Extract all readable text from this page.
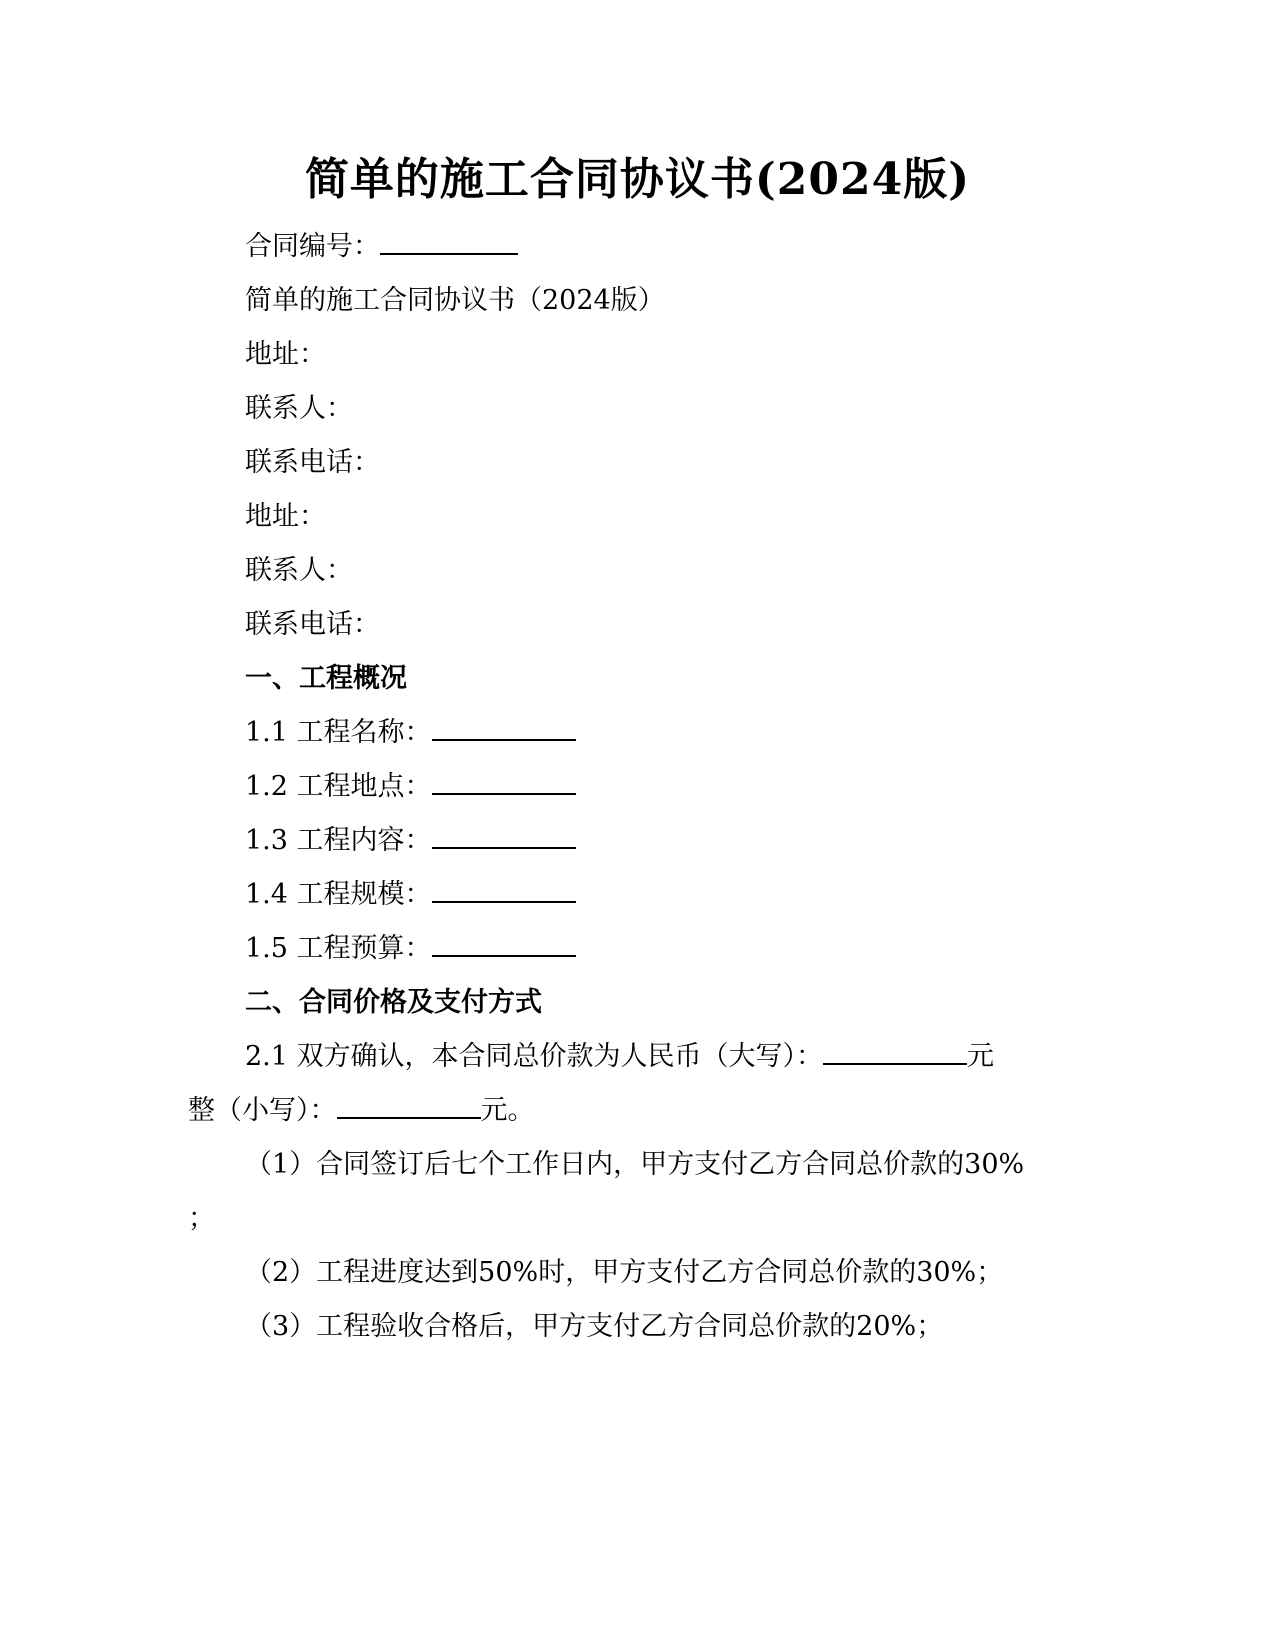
简单的施工合同协议书(2024版)
合同编号：
简单的施工合同协议书（2024版）
地址：
联系人：
联系电话：
地址：
联系人：
联系电话：
一、工程概况
1.1 工程名称：
1.2 工程地点：
1.3 工程内容：
1.4 工程规模：
1.5 工程预算：
二、合同价格及支付方式
2.1 双方确认，本合同总价款为人民币（大写）：	元
整（小写）：	元。
（1）合同签订后七个工作日内，甲方支付乙方合同总价款的30%
；
（2）工程进度达到50%时，甲方支付乙方合同总价款的30%；
（3）工程验收合格后，甲方支付乙方合同总价款的20%；
